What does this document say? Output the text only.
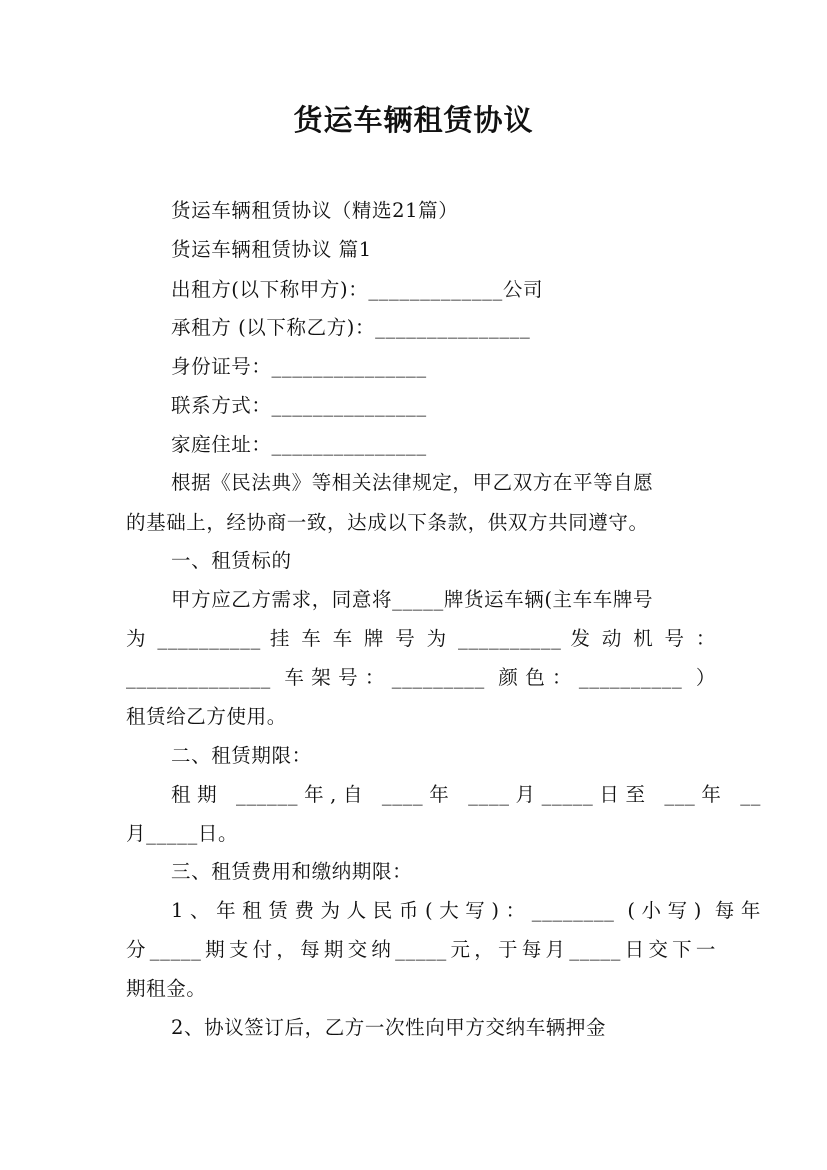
货运车辆租赁协议
货运车辆租赁协议（精选21篇）
货运车辆租赁协议 篇1
出租方(以下称甲方)：_____________公司
承租方 (以下称乙方)：_______________
身份证号：_______________
联系方式：_______________
家庭住址：_______________
根据《民法典》等相关法律规定，甲乙双方在平等自愿
的基础上，经协商一致，达成以下条款，供双方共同遵守。
一、租赁标的
甲方应乙方需求，同意将_____牌货运车辆(主车车牌号
为 __________ 挂 车 车 牌 号 为 __________ 发 动 机 号 ：
______________ 车架号：_________ 颜色：__________ ）
租赁给乙方使用。
二、租赁期限：
租期 ______年,自 ____年 ____月_____日至 ___年 __
月_____日。
三、租赁费用和缴纳期限：
1、年租赁费为人民币(大写)：________ (小写) 每年
分_____期支付，每期交纳_____元，于每月_____日交下一
期租金。
2、协议签订后，乙方一次性向甲方交纳车辆押金
